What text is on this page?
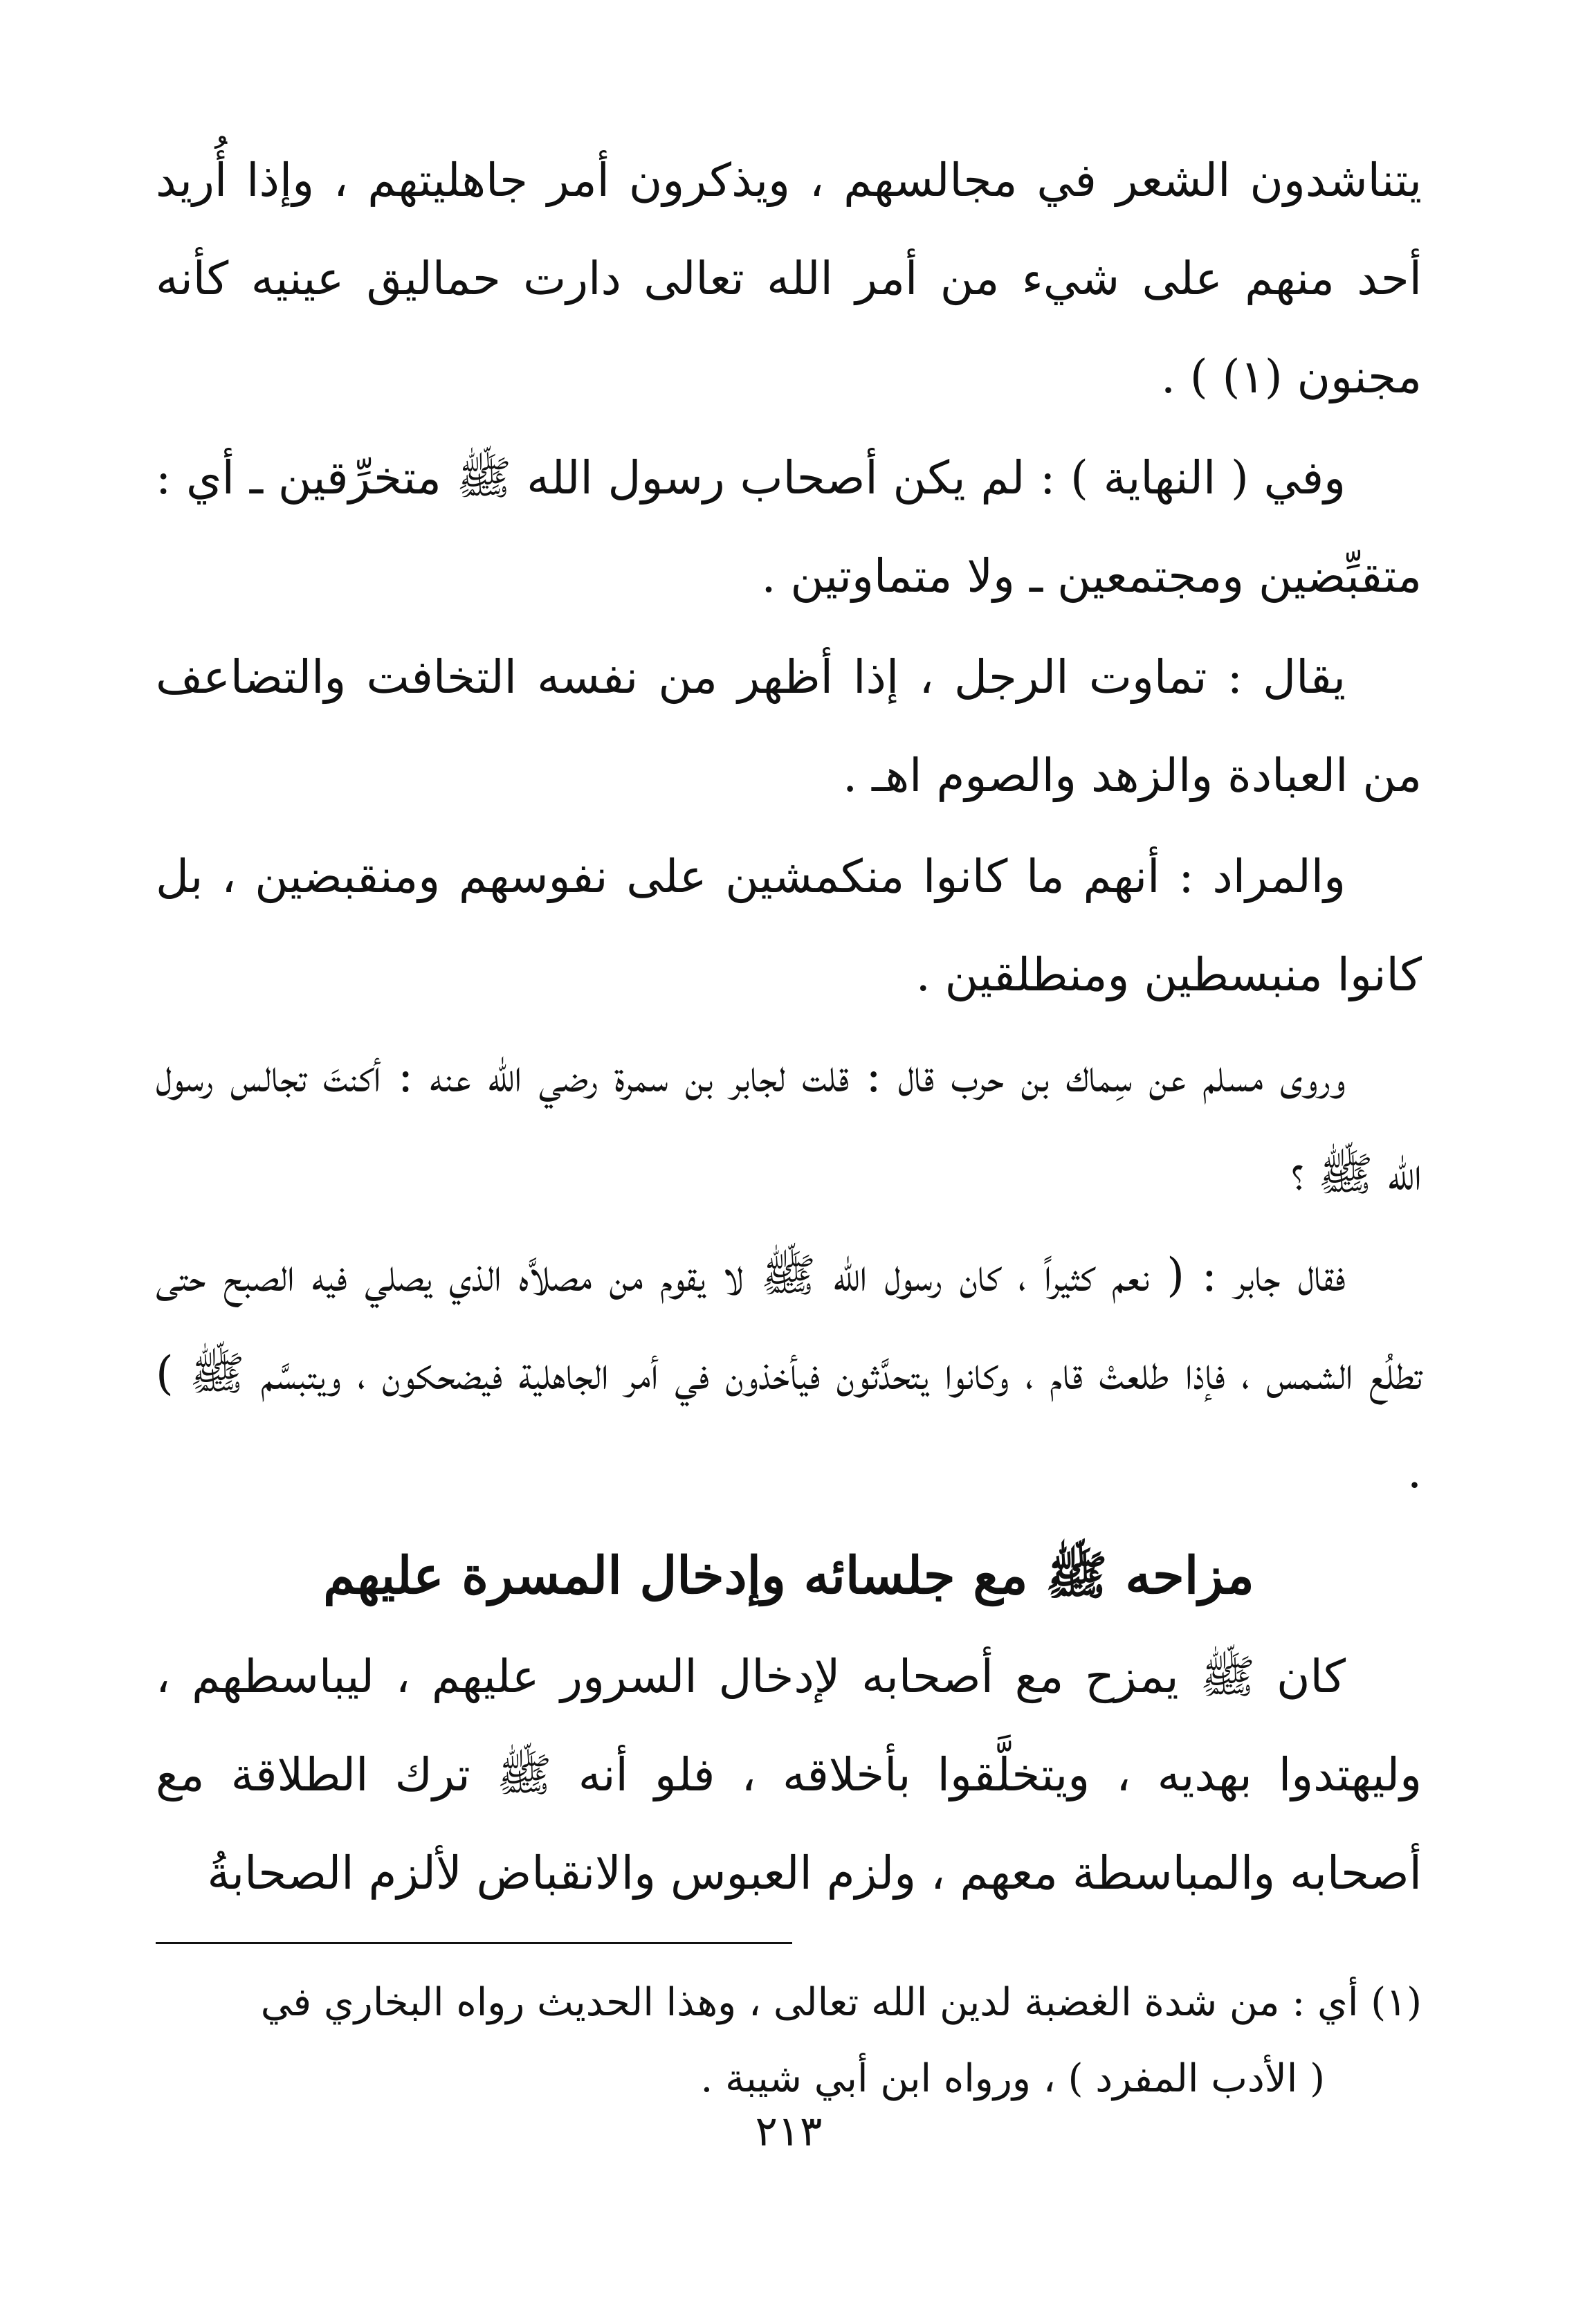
يتناشدون الشعر في مجالسهم ، ويذكرون أمر جاهليتهم ، وإذا أُريد أحد منهم على شيء من أمر الله تعالى دارت حماليق عينيه كأنه مجنون (١) ) .

وفي ( النهاية ) : لم يكن أصحاب رسول الله ﷺ متخرِّقين ـ أي : متقبِّضين ومجتمعين ـ ولا متماوتين .

يقال : تماوت الرجل ، إذا أظهر من نفسه التخافت والتضاعف من العبادة والزهد والصوم اهـ .

والمراد : أنهم ما كانوا منكمشين على نفوسهم ومنقبضين ، بل كانوا منبسطين ومنطلقين .

وروى مسلم عن سِماك بن حرب قال : قلت لجابر بن سمرة رضي الله عنه : أكنتَ تجالس رسول الله ﷺ ؟

فقال جابر : ( نعم كثيراً ، كان رسول الله ﷺ لا يقوم من مصلاَّه الذي يصلي فيه الصبح حتى تطلُع الشمس ، فإذا طلعتْ قام ، وكانوا يتحدَّثون فيأخذون في أمر الجاهلية فيضحكون ، ويتبسَّم ﷺ ) .

مزاحه ﷺ مع جلسائه وإدخال المسرة عليهم

كان ﷺ يمزح مع أصحابه لإدخال السرور عليهم ، ليباسطهم ، وليهتدوا بهديه ، ويتخلَّقوا بأخلاقه ، فلو أنه ﷺ ترك الطلاقة مع أصحابه والمباسطة معهم ، ولزم العبوس والانقباض لألزم الصحابةُ

(١) أي : من شدة الغضبة لدين الله تعالى ، وهذا الحديث رواه البخاري في

( الأدب المفرد ) ، ورواه ابن أبي شيبة .

٢١٣
